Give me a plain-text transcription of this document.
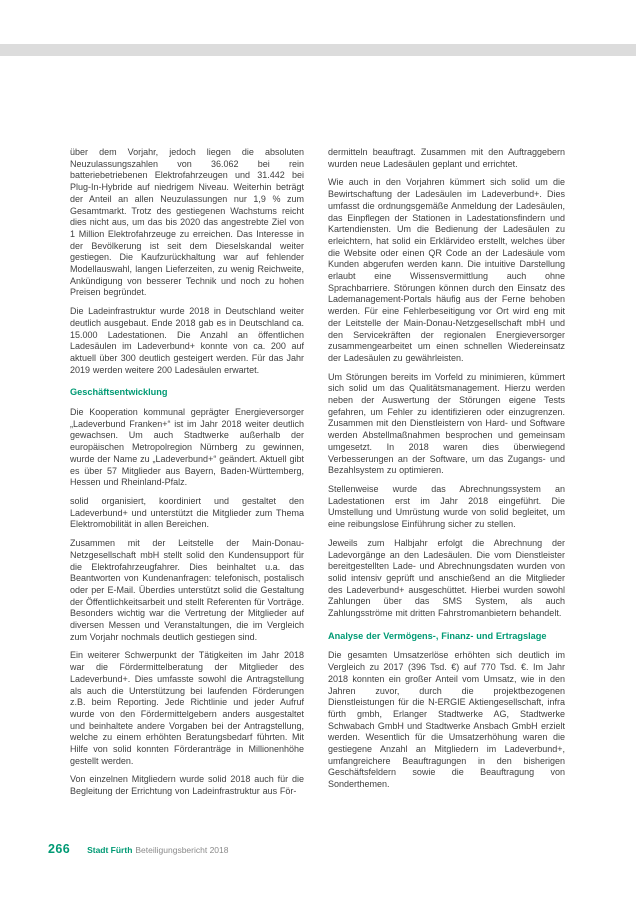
über dem Vorjahr, jedoch liegen die absoluten Neuzulassungszahlen von 36.062 bei rein batteriebetriebenen Elektrofahrzeugen und 31.442 bei Plug-In-Hybride auf niedrigem Niveau. Weiterhin beträgt der Anteil an allen Neuzulassungen nur 1,9 % zum Gesamtmarkt. Trotz des gestiegenen Wachstums reicht dies nicht aus, um das bis 2020 das angestrebte Ziel von 1 Million Elektrofahrzeuge zu erreichen. Das Interesse in der Bevölkerung ist seit dem Dieselskandal weiter gestiegen. Die Kaufzurückhaltung war auf fehlender Modellauswahl, langen Lieferzeiten, zu wenig Reichweite, Ankündigung von besserer Technik und noch zu hohen Preisen begründet.

Die Ladeinfrastruktur wurde 2018 in Deutschland weiter deutlich ausgebaut. Ende 2018 gab es in Deutschland ca. 15.000 Ladestationen. Die Anzahl an öffentlichen Ladesäulen im Ladeverbund+ konnte von ca. 200 auf aktuell über 300 deutlich gesteigert werden. Für das Jahr 2019 werden weitere 200 Ladesäulen erwartet.

Geschäftsentwicklung

Die Kooperation kommunal geprägter Energieversorger „Ladeverbund Franken+“ ist im Jahr 2018 weiter deutlich gewachsen. Um auch Stadtwerke außerhalb der europäischen Metropolregion Nürnberg zu gewinnen, wurde der Name zu „Ladeverbund+“ geändert. Aktuell gibt es über 57 Mitglieder aus Bayern, Baden-Württemberg, Hessen und Rheinland-Pfalz.

solid organisiert, koordiniert und gestaltet den Ladeverbund+ und unterstützt die Mitglieder zum Thema Elektromobilität in allen Bereichen.

Zusammen mit der Leitstelle der Main-Donau-Netzgesellschaft mbH stellt solid den Kundensupport für die Elektrofahrzeugfahrer. Dies beinhaltet u.a. das Beantworten von Kundenanfragen: telefonisch, postalisch oder per E-Mail. Überdies unterstützt solid die Gestaltung der Öffentlichkeitsarbeit und stellt Referenten für Vorträge. Besonders wichtig war die Vertretung der Mitglieder auf diversen Messen und Veranstaltungen, die im Vergleich zum Vorjahr nochmals deutlich gestiegen sind.

Ein weiterer Schwerpunkt der Tätigkeiten im Jahr 2018 war die Fördermittelberatung der Mitglieder des Ladeverbund+. Dies umfasste sowohl die Antragstellung als auch die Unterstützung bei laufenden Förderungen z.B. beim Reporting. Jede Richtlinie und jeder Aufruf wurde von den Fördermittelgebern anders ausgestaltet und beinhaltete andere Vorgaben bei der Antragstellung, welche zu einem erhöhten Beratungsbedarf führten. Mit Hilfe von solid konnten Förderanträge in Millionenhöhe gestellt werden.

Von einzelnen Mitgliedern wurde solid 2018 auch für die Begleitung der Errichtung von Ladeinfrastruktur aus För-

dermitteln beauftragt. Zusammen mit den Auftraggebern wurden neue Ladesäulen geplant und errichtet.

Wie auch in den Vorjahren kümmert sich solid um die Bewirtschaftung der Ladesäulen im Ladeverbund+. Dies umfasst die ordnungsgemäße Anmeldung der Ladesäulen, das Einpflegen der Stationen in Ladestationsfindern und Kartendiensten. Um die Bedienung der Ladesäulen zu erleichtern, hat solid ein Erklärvideo erstellt, welches über die Website oder einen QR Code an der Ladesäule vom Kunden abgerufen werden kann. Die intuitive Darstellung erlaubt eine Wissensvermittlung auch ohne Sprachbarriere. Störungen können durch den Einsatz des Lademanagement-Portals häufig aus der Ferne behoben werden. Für eine Fehlerbeseitigung vor Ort wird eng mit der Leitstelle der Main-Donau-Netzgesellschaft mbH und den Servicekräften der regionalen Energieversorger zusammengearbeitet um einen schnellen Wiedereinsatz der Ladesäulen zu gewährleisten.

Um Störungen bereits im Vorfeld zu minimieren, kümmert sich solid um das Qualitätsmanagement. Hierzu werden neben der Auswertung der Störungen eigene Tests gefahren, um Fehler zu identifizieren oder einzugrenzen. Zusammen mit den Dienstleistern von Hard- und Software werden Abstellmaßnahmen besprochen und gemeinsam umgesetzt. In 2018 waren dies überwiegend Verbesserungen an der Software, um das Zugangs- und Bezahlsystem zu optimieren.

Stellenweise wurde das Abrechnungssystem an Ladestationen erst im Jahr 2018 eingeführt. Die Umstellung und Umrüstung wurde von solid begleitet, um eine reibungslose Einführung sicher zu stellen.

Jeweils zum Halbjahr erfolgt die Abrechnung der Ladevorgänge an den Ladesäulen. Die vom Dienstleister bereitgestellten Lade- und Abrechnungsdaten wurden von solid intensiv geprüft und anschießend an die Mitglieder des Ladeverbund+ ausgeschüttet. Hierbei wurden sowohl Zahlungen über das SMS System, als auch Zahlungsströme mit dritten Fahrstromanbietern behandelt.

Analyse der Vermögens-, Finanz- und Ertragslage

Die gesamten Umsatzerlöse erhöhten sich deutlich im Vergleich zu 2017 (396 Tsd. €) auf 770 Tsd. €. Im Jahr 2018 konnten ein großer Anteil vom Umsatz, wie in den Jahren zuvor, durch die projektbezogenen Dienstleistungen für die N-ERGIE Aktiengesellschaft, infra fürth gmbh, Erlanger Stadtwerke AG, Stadtwerke Schwabach GmbH und Stadtwerke Ansbach GmbH erzielt werden. Wesentlich für die Umsatzerhöhung waren die gestiegene Anzahl an Mitgliedern im Ladeverbund+, umfangreichere Beauftragungen in den bisherigen Geschäftsfeldern sowie die Beauftragung von Sonderthemen.

266 Stadt Fürth Beteiligungsbericht 2018
